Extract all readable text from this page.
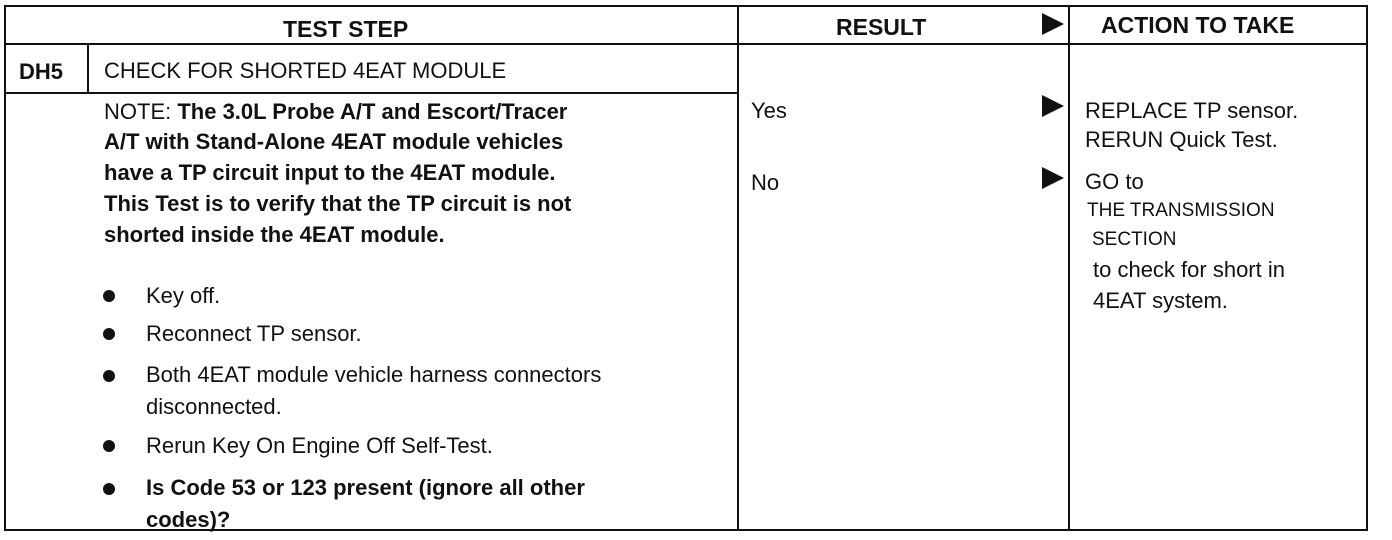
TEST STEP	RESULT	ACTION TO TAKE
DH5 CHECK FOR SHORTED 4EAT MODULE
NOTE: The 3.0L Probe A/T and Escort/Tracer
A/T with Stand-Alone 4EAT module vehicles
have a TP circuit input to the 4EAT module.
This Test is to verify that the TP circuit is not
shorted inside the 4EAT module.
Key off.
Reconnect TP sensor.
Both 4EAT module vehicle harness connectors
disconnected.
Rerun Key On Engine Off Self-Test.
Is Code 53 or 123 present (ignore all other
codes)?
Yes
No
REPLACE TP sensor.
RERUN Quick Test.
GO to
THE TRANSMISSION
SECTION
to check for short in
4EAT system.
